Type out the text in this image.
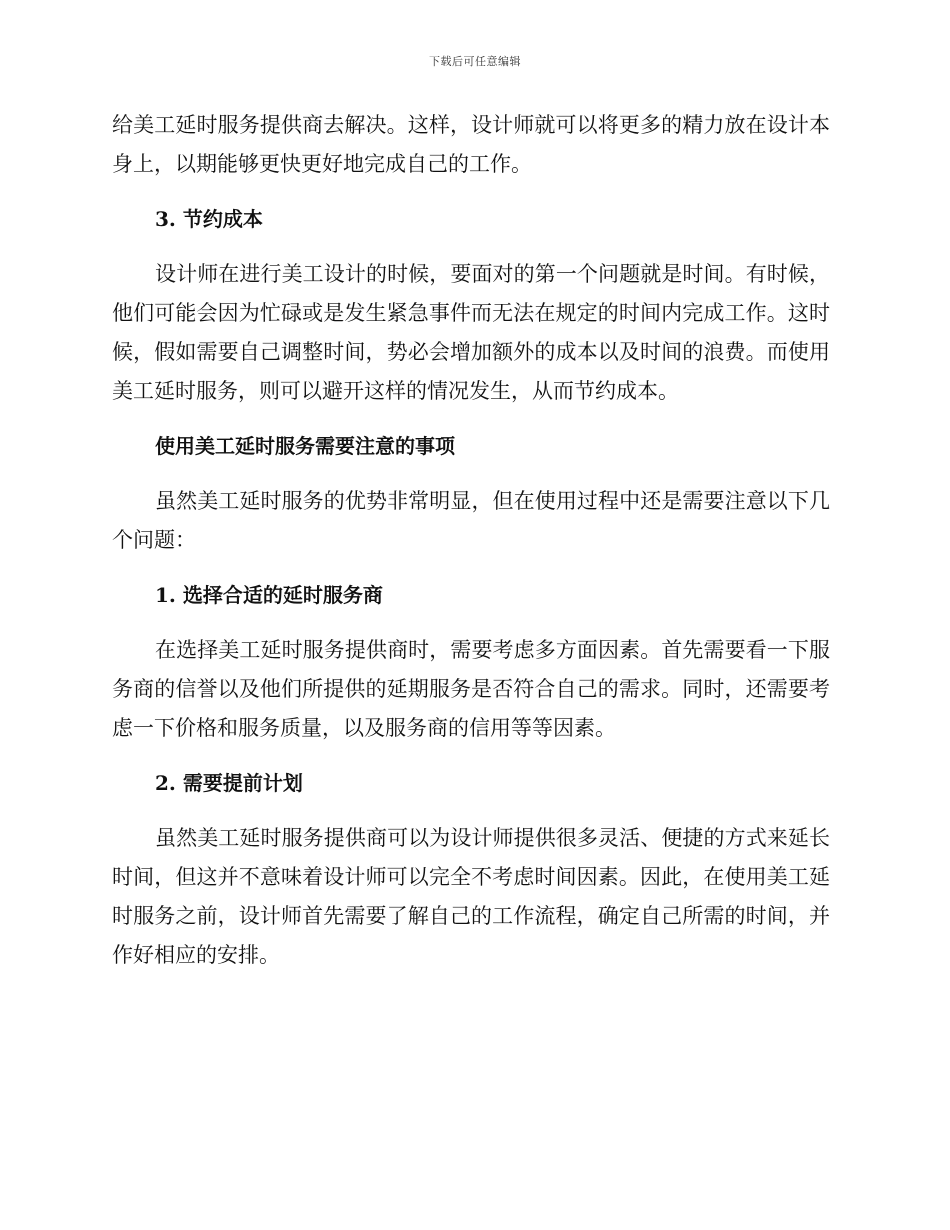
下载后可任意编辑

给美工延时服务提供商去解决。这样，设计师就可以将更多的精力放在设计本身上，以期能够更快更好地完成自己的工作。

3. 节约成本

设计师在进行美工设计的时候，要面对的第一个问题就是时间。有时候，他们可能会因为忙碌或是发生紧急事件而无法在规定的时间内完成工作。这时候，假如需要自己调整时间，势必会增加额外的成本以及时间的浪费。而使用美工延时服务，则可以避开这样的情况发生，从而节约成本。

使用美工延时服务需要注意的事项

虽然美工延时服务的优势非常明显，但在使用过程中还是需要注意以下几个问题：

1. 选择合适的延时服务商

在选择美工延时服务提供商时，需要考虑多方面因素。首先需要看一下服务商的信誉以及他们所提供的延期服务是否符合自己的需求。同时，还需要考虑一下价格和服务质量，以及服务商的信用等等因素。

2. 需要提前计划

虽然美工延时服务提供商可以为设计师提供很多灵活、便捷的方式来延长时间，但这并不意味着设计师可以完全不考虑时间因素。因此，在使用美工延时服务之前，设计师首先需要了解自己的工作流程，确定自己所需的时间，并作好相应的安排。
